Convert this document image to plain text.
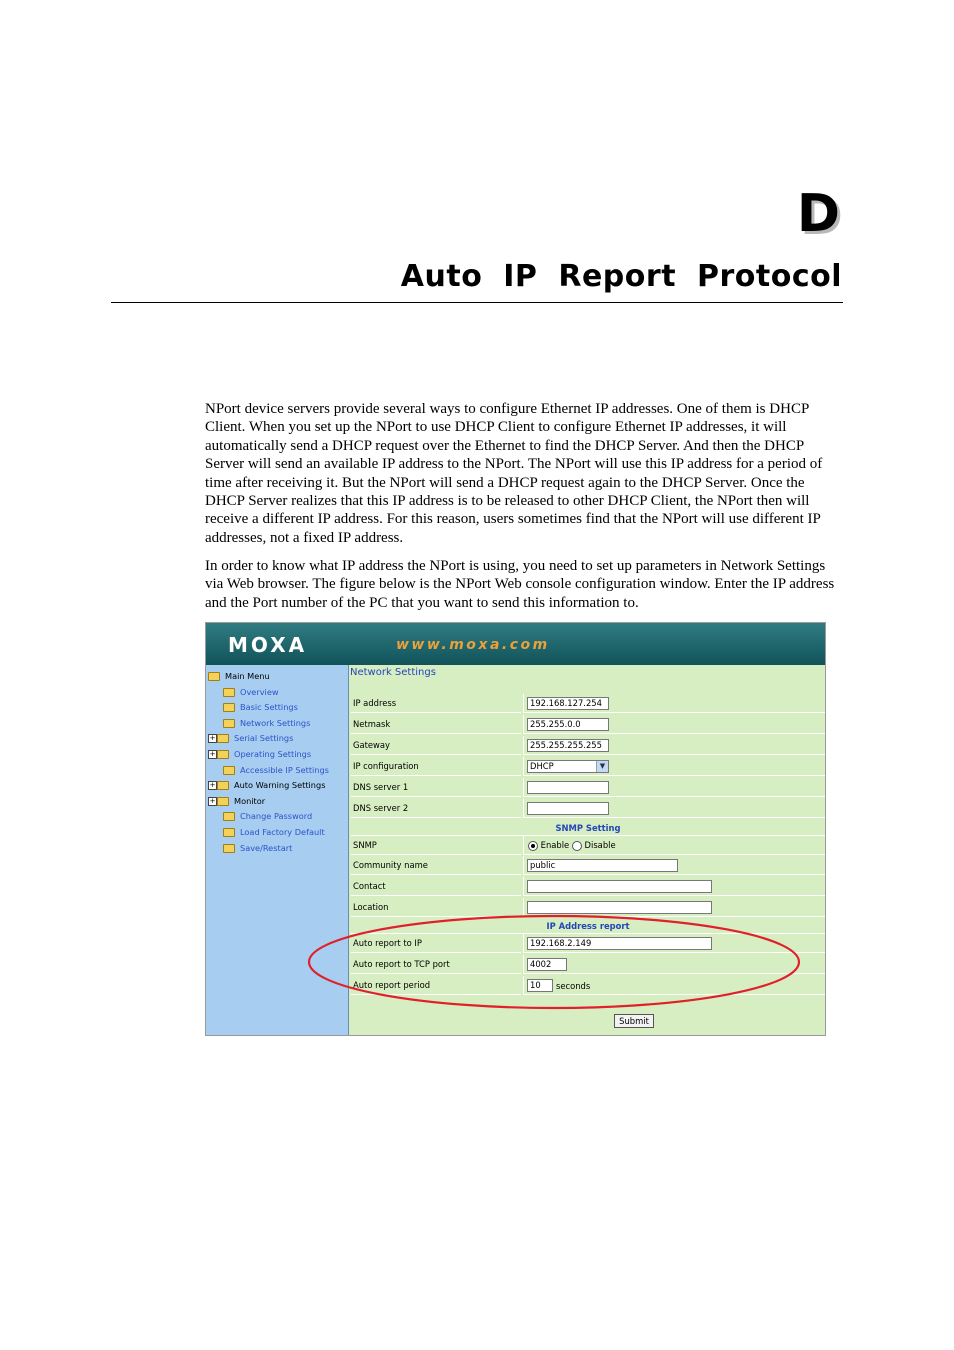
D
Auto IP Report Protocol

NPort device servers provide several ways to configure Ethernet IP addresses. One of them is DHCP Client. When you set up the NPort to use DHCP Client to configure Ethernet IP addresses, it will automatically send a DHCP request over the Ethernet to find the DHCP Server. And then the DHCP Server will send an available IP address to the NPort. The NPort will use this IP address for a period of time after receiving it. But the NPort will send a DHCP request again to the DHCP Server. Once the DHCP Server realizes that this IP address is to be released to other DHCP Client, the NPort then will receive a different IP address. For this reason, users sometimes find that the NPort will use different IP addresses, not a fixed IP address.

In order to know what IP address the NPort is using, you need to set up parameters in Network Settings via Web browser. The figure below is the NPort Web console configuration window. Enter the IP address and the Port number of the PC that you want to send this information to.

MOXA	www.moxa.com
Main Menu
Overview
Basic Settings
Network Settings
+ Serial Settings
+ Operating Settings
Accessible IP Settings
+ Auto Warning Settings
+ Monitor
Change Password
Load Factory Default
Save/Restart
Network Settings
IP address	192.168.127.254
Netmask	255.255.0.0
Gateway	255.255.255.255
IP configuration	DHCP	▼
DNS server 1
DNS server 2
SNMP Setting
SNMP	Enable Disable
Community name	public
Contact
Location
IP Address report
Auto report to IP	192.168.2.149
Auto report to TCP port	4002
Auto report period	10	seconds
Submit
